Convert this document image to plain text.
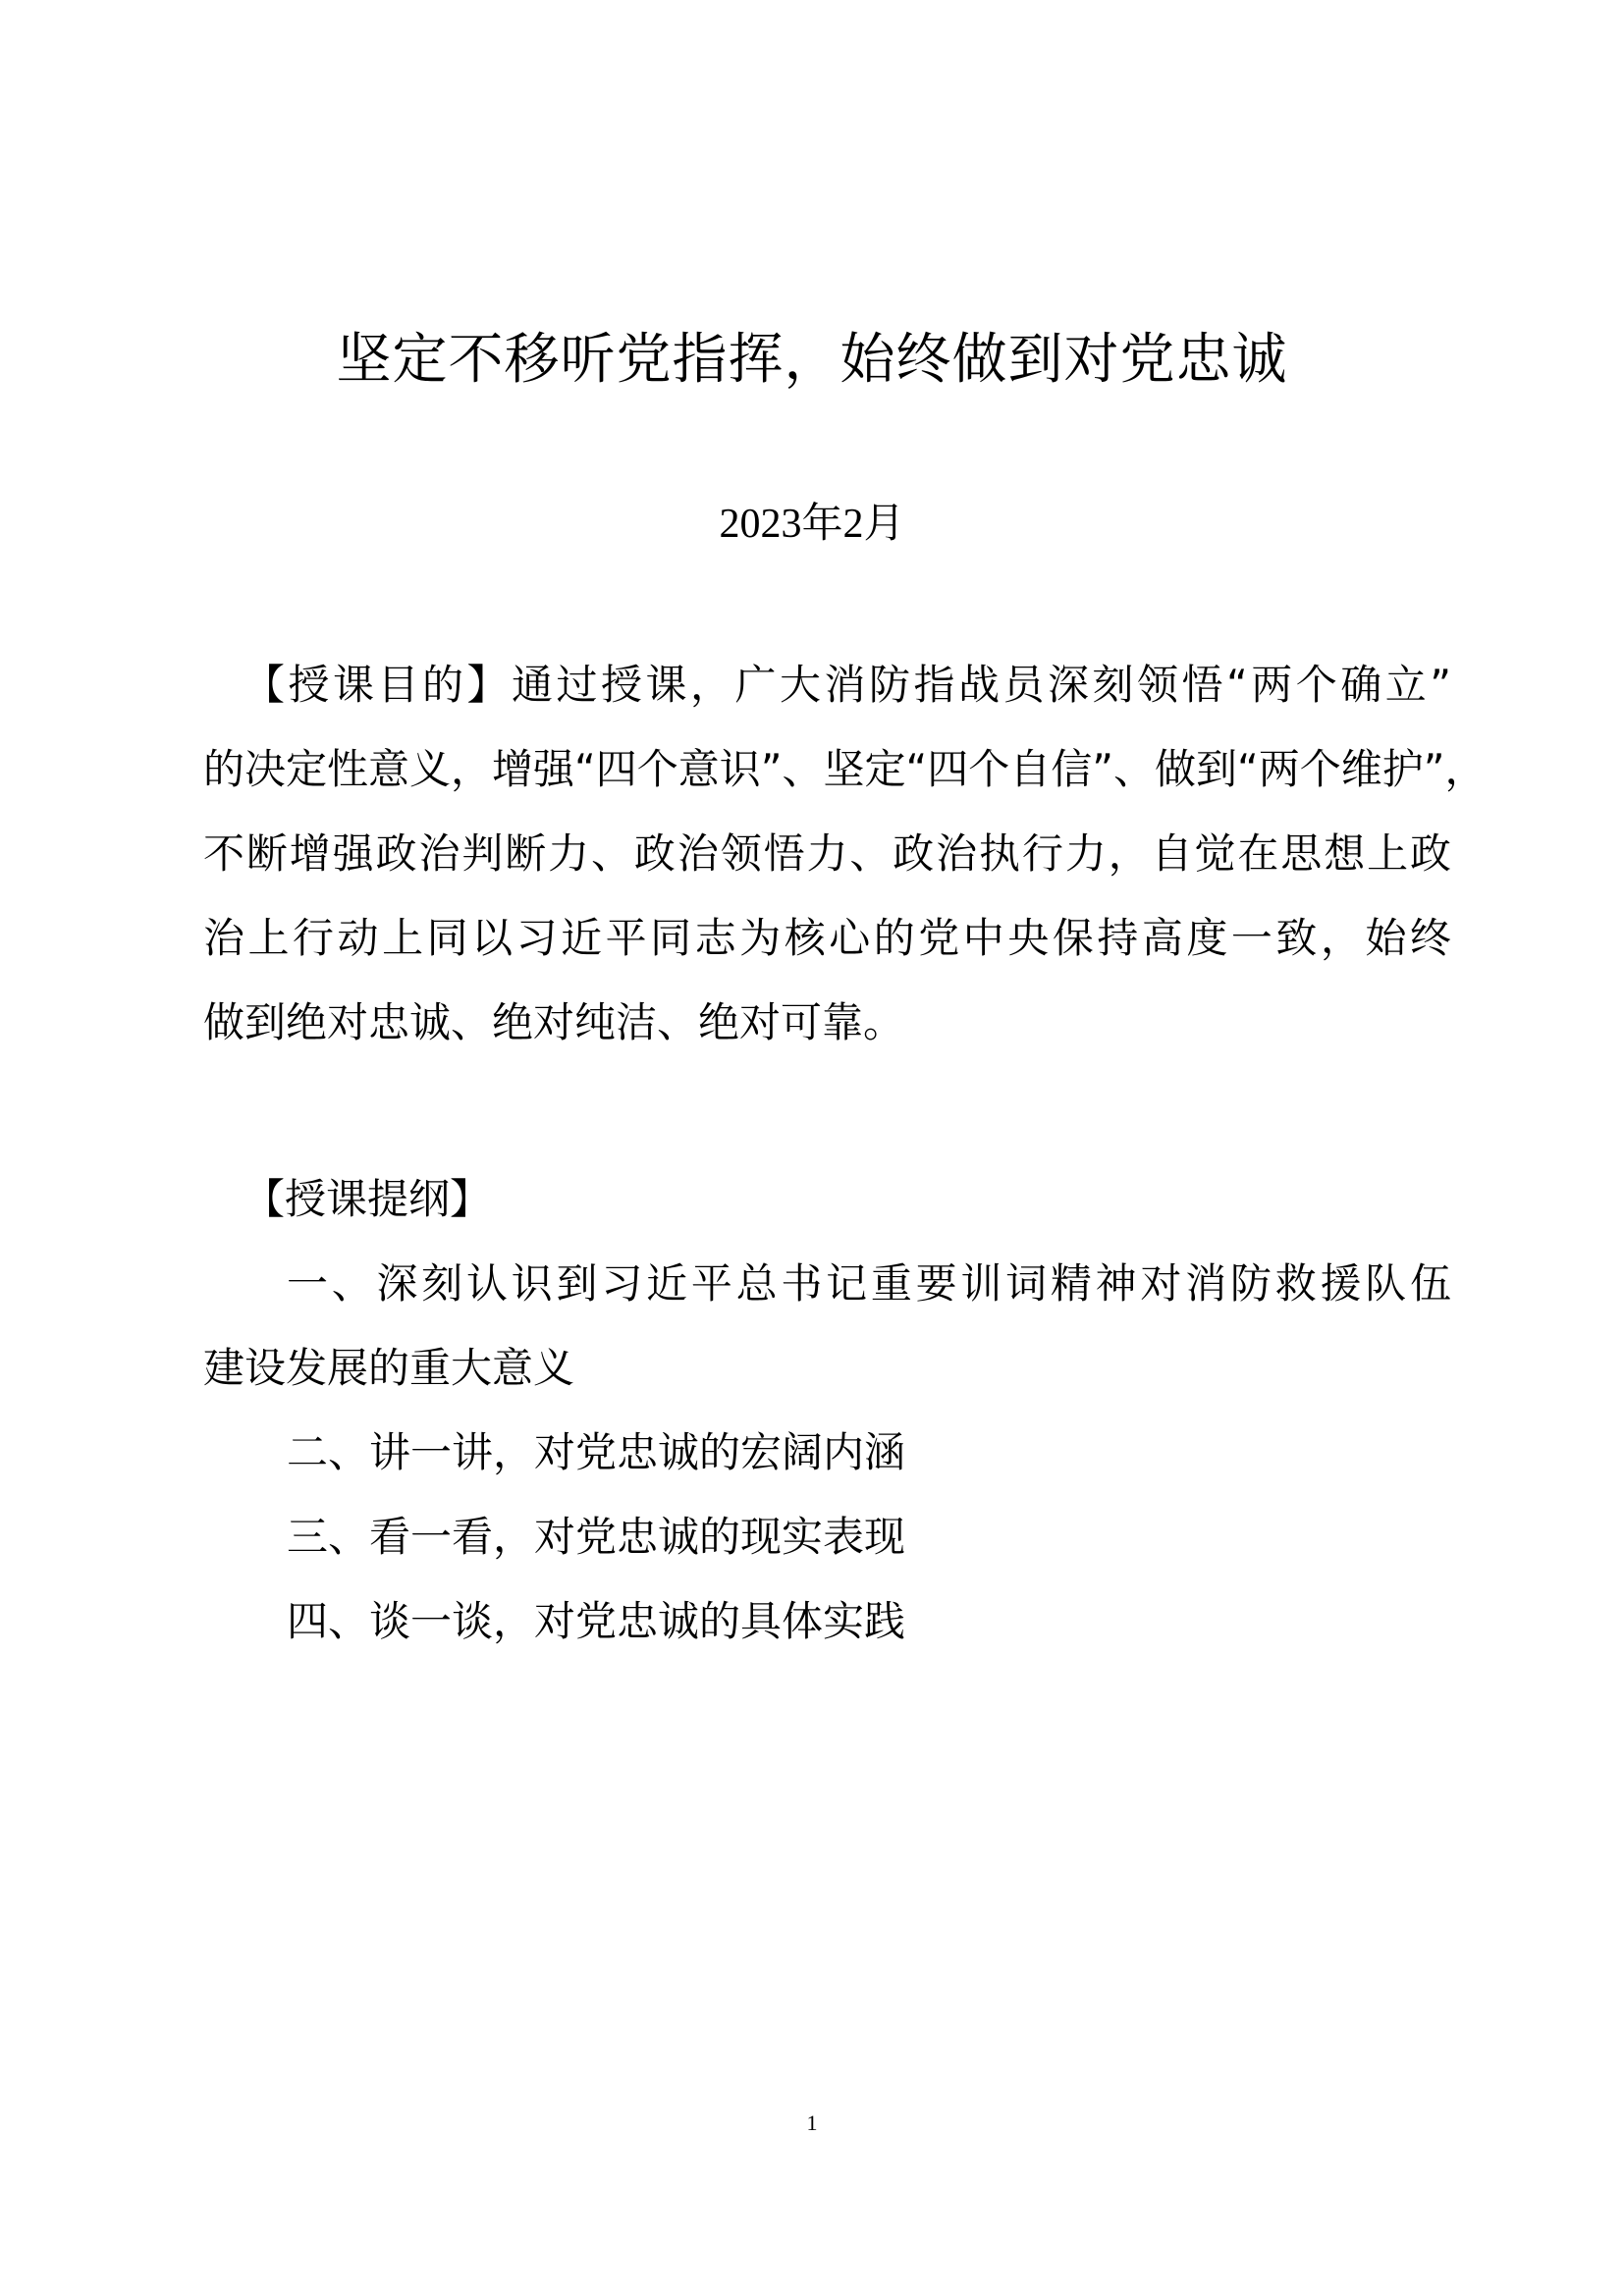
坚定不移听党指挥，始终做到对党忠诚
2023年2月
【授课目的】通过授课，广大消防指战员深刻领悟“两个确立”
的决定性意义，增强“四个意识”、坚定“四个自信”、做到“两个维护”，
不断增强政治判断力、政治领悟力、政治执行力，自觉在思想上政
治上行动上同以习近平同志为核心的党中央保持高度一致，始终
做到绝对忠诚、绝对纯洁、绝对可靠。
【授课提纲】
一、深刻认识到习近平总书记重要训词精神对消防救援队伍
建设发展的重大意义
二、讲一讲，对党忠诚的宏阔内涵
三、看一看，对党忠诚的现实表现
四、谈一谈，对党忠诚的具体实践
1
